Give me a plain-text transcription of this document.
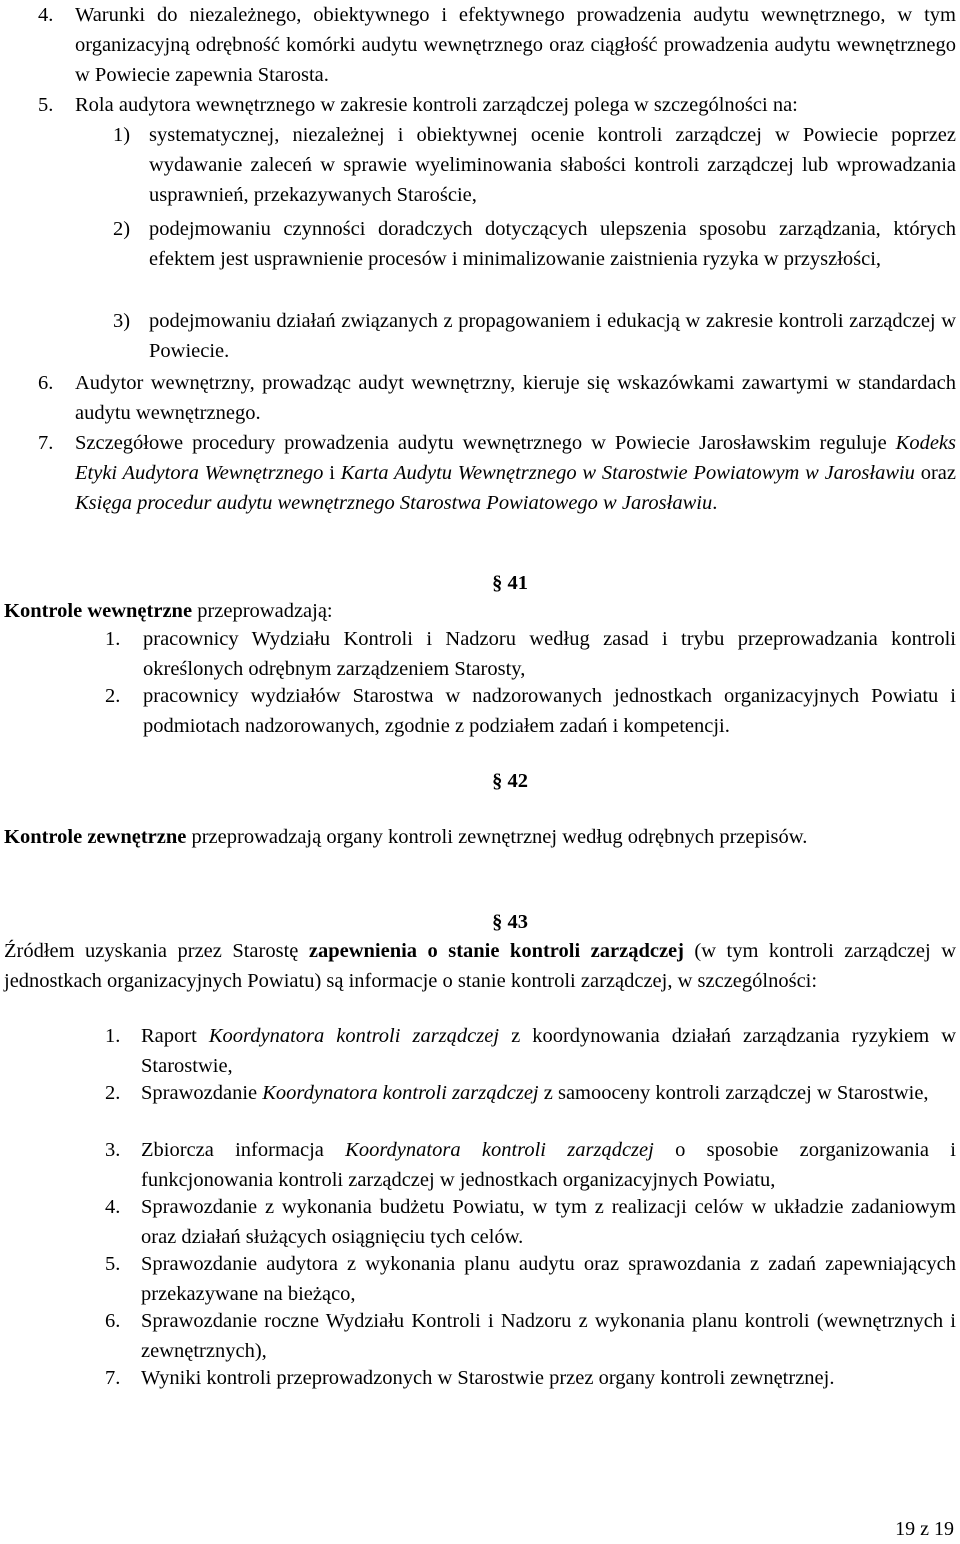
4. Warunki do niezależnego, obiektywnego i efektywnego prowadzenia audytu wewnętrznego, w tym organizacyjną odrębność komórki audytu wewnętrznego oraz ciągłość prowadzenia audytu wewnętrznego w Powiecie zapewnia Starosta.
5. Rola audytora wewnętrznego w zakresie kontroli zarządczej polega w szczególności na:
1) systematycznej, niezależnej i obiektywnej ocenie kontroli zarządczej w Powiecie poprzez wydawanie zaleceń w sprawie wyeliminowania słabości kontroli zarządczej lub wprowadzania usprawnień, przekazywanych Staroście,
2) podejmowaniu czynności doradczych dotyczących ulepszenia sposobu zarządzania, których efektem jest usprawnienie procesów i minimalizowanie zaistnienia ryzyka w przyszłości,
3) podejmowaniu działań związanych z propagowaniem i edukacją w zakresie kontroli zarządczej w Powiecie.
6. Audytor wewnętrzny, prowadząc audyt wewnętrzny, kieruje się wskazówkami zawartymi w standardach audytu wewnętrznego.
7. Szczegółowe procedury prowadzenia audytu wewnętrznego w Powiecie Jarosławskim reguluje Kodeks Etyki Audytora Wewnętrznego i Karta Audytu Wewnętrznego w Starostwie Powiatowym w Jarosławiu oraz Księga procedur audytu wewnętrznego Starostwa Powiatowego w Jarosławiu.
§ 41
Kontrole wewnętrzne przeprowadzają:
1. pracownicy Wydziału Kontroli i Nadzoru według zasad i trybu przeprowadzania kontroli określonych odrębnym zarządzeniem Starosty,
2. pracownicy wydziałów Starostwa w nadzorowanych jednostkach organizacyjnych Powiatu i podmiotach nadzorowanych, zgodnie z podziałem zadań i kompetencji.
§ 42
Kontrole zewnętrzne przeprowadzają organy kontroli zewnętrznej według odrębnych przepisów.
§ 43
Źródłem uzyskania przez Starostę zapewnienia o stanie kontroli zarządczej (w tym kontroli zarządczej w jednostkach organizacyjnych Powiatu) są informacje o stanie kontroli zarządczej, w szczególności:
1. Raport Koordynatora kontroli zarządczej z koordynowania działań zarządzania ryzykiem w Starostwie,
2. Sprawozdanie Koordynatora kontroli zarządczej z samooceny kontroli zarządczej w Starostwie,
3. Zbiorcza informacja Koordynatora kontroli zarządczej o sposobie zorganizowania i funkcjonowania kontroli zarządczej w jednostkach organizacyjnych Powiatu,
4. Sprawozdanie z wykonania budżetu Powiatu, w tym z realizacji celów w układzie zadaniowym oraz działań służących osiągnięciu tych celów.
5. Sprawozdanie audytora z wykonania planu audytu oraz sprawozdania z zadań zapewniających przekazywane na bieżąco,
6. Sprawozdanie roczne Wydziału Kontroli i Nadzoru z wykonania planu kontroli (wewnętrznych i zewnętrznych),
7. Wyniki kontroli przeprowadzonych w Starostwie przez organy kontroli zewnętrznej.
19 z 19
